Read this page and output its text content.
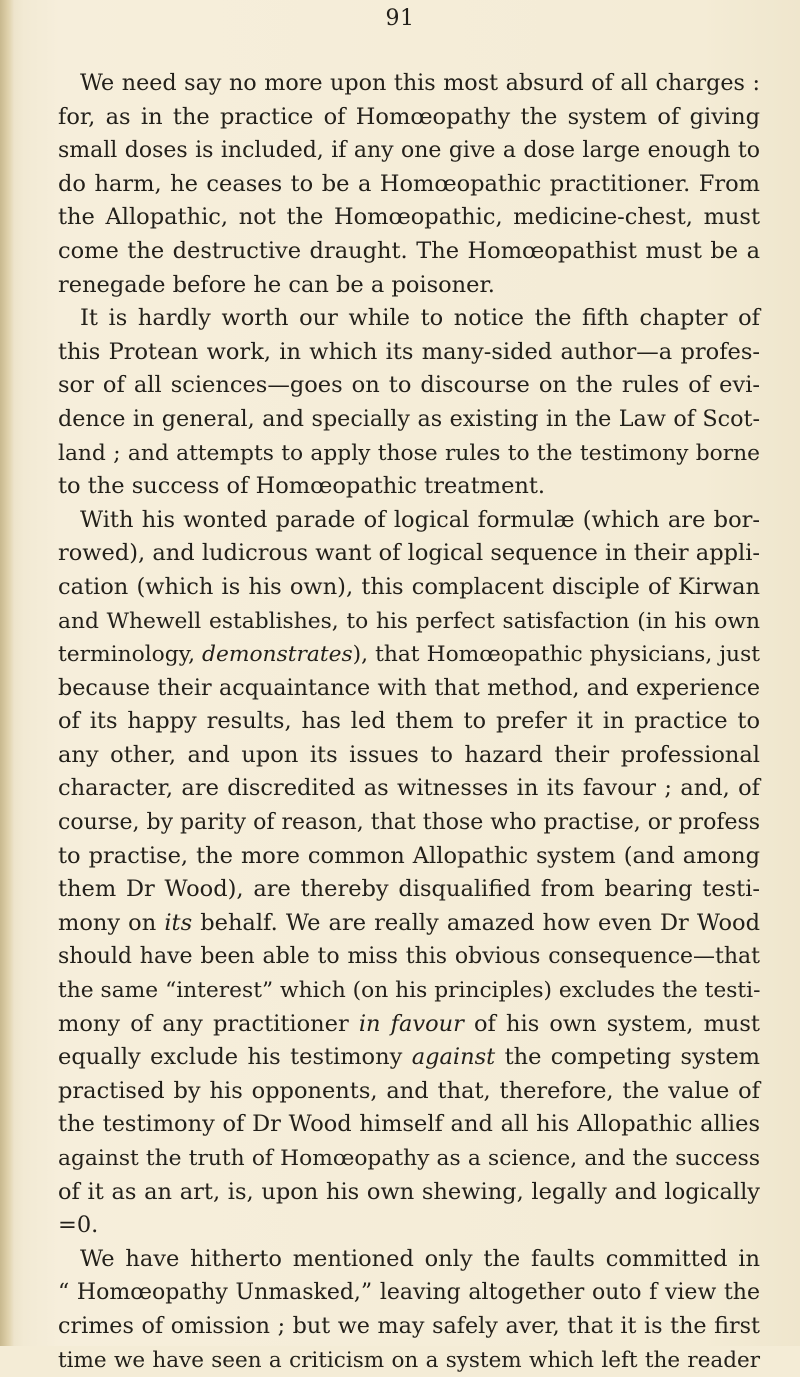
91
We need say no more upon this most absurd of all charges :
for, as in the practice of Homœopathy the system of giving
small doses is included, if any one give a dose large enough to
do harm, he ceases to be a Homœopathic practitioner. From
the Allopathic, not the Homœopathic, medicine-chest, must
come the destructive draught. The Homœopathist must be a
renegade before he can be a poisoner.
It is hardly worth our while to notice the fifth chapter of
this Protean work, in which its many-sided author—a profes-
sor of all sciences—goes on to discourse on the rules of evi-
dence in general, and specially as existing in the Law of Scot-
land ; and attempts to apply those rules to the testimony borne
to the success of Homœopathic treatment.
With his wonted parade of logical formulæ (which are bor-
rowed), and ludicrous want of logical sequence in their appli-
cation (which is his own), this complacent disciple of Kirwan
and Whewell establishes, to his perfect satisfaction (in his own
terminology, demonstrates), that Homœopathic physicians, just
because their acquaintance with that method, and experience
of its happy results, has led them to prefer it in practice to
any other, and upon its issues to hazard their professional
character, are discredited as witnesses in its favour ; and, of
course, by parity of reason, that those who practise, or profess
to practise, the more common Allopathic system (and among
them Dr Wood), are thereby disqualified from bearing testi-
mony on its behalf. We are really amazed how even Dr Wood
should have been able to miss this obvious consequence—that
the same “interest” which (on his principles) excludes the testi-
mony of any practitioner in favour of his own system, must
equally exclude his testimony against the competing system
practised by his opponents, and that, therefore, the value of
the testimony of Dr Wood himself and all his Allopathic allies
against the truth of Homœopathy as a science, and the success
of it as an art, is, upon his own shewing, legally and logically
=0.
We have hitherto mentioned only the faults committed in
“ Homœopathy Unmasked,” leaving altogether outo f view the
crimes of omission ; but we may safely aver, that it is the first
time we have seen a criticism on a system which left the reader
